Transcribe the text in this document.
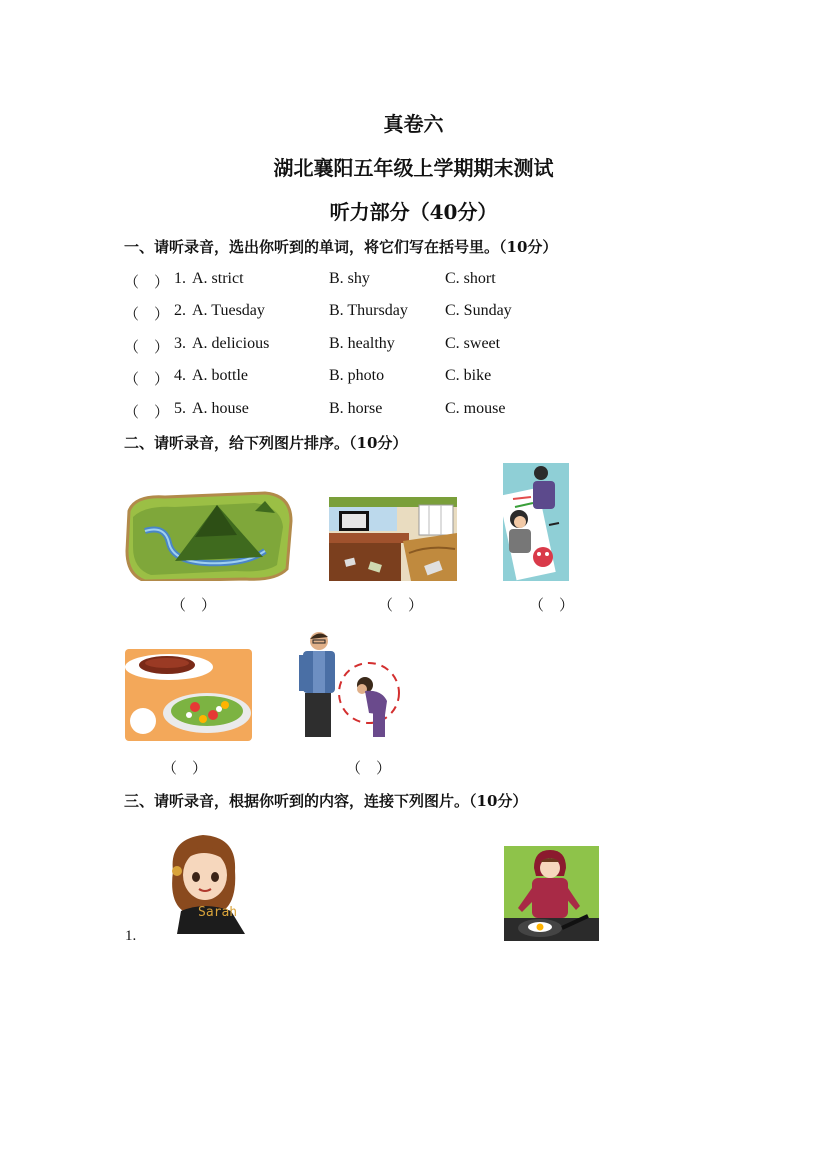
真卷六
湖北襄阳五年级上学期期末测试
听力部分（40分）
一、请听录音，选出你听到的单词，将它们写在括号里。（10分）
（    ） 1. A. strict	B. shy	C. short
（    ） 2. A. Tuesday	B. Thursday C. Sunday
（    ） 3. A. delicious	B. healthy	C. sweet
（    ） 4. A. bottle	B. photo	C. bike
（    ） 5. A. house	B. horse	C. mouse
二、请听录音，给下列图片排序。（10分）
（    ）	（    ）	（    ）
（    ）	（    ）
三、请听录音，根据你听到的内容，连接下列图片。（10分）
Sarah
1.
